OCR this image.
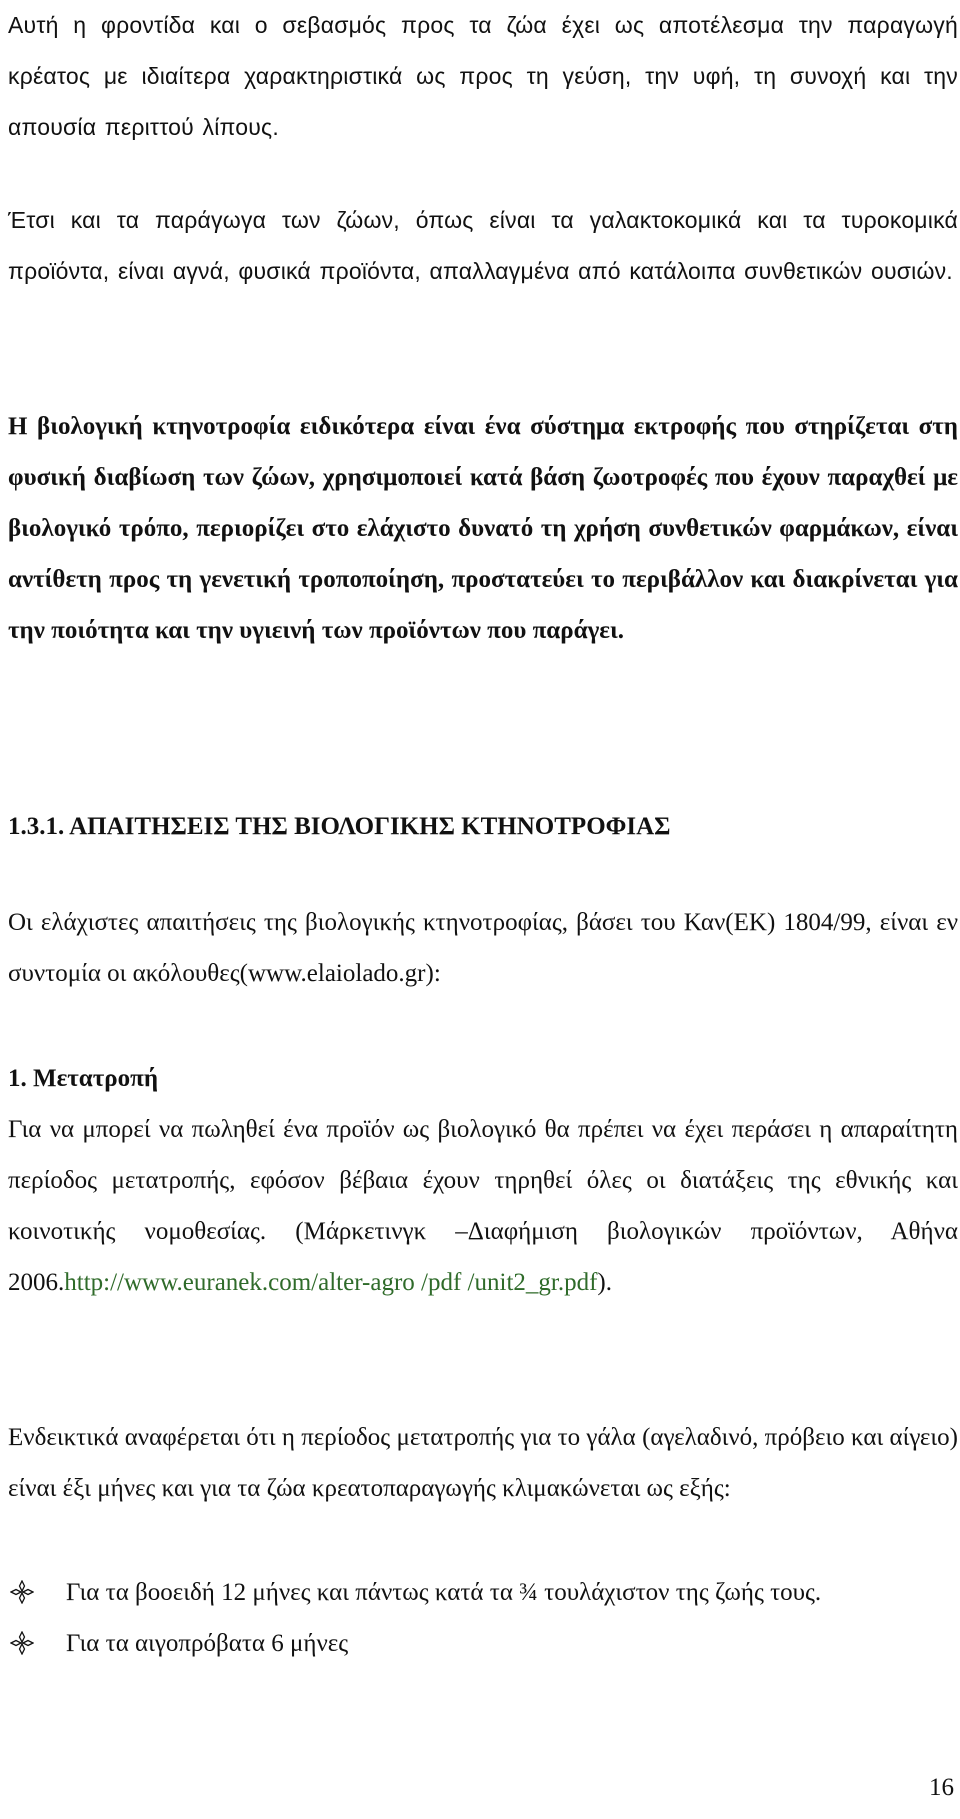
Αυτή η φροντίδα και ο σεβασμός προς τα ζώα έχει ως αποτέλεσμα την παραγωγή κρέατος με ιδιαίτερα χαρακτηριστικά ως προς τη γεύση, την υφή, τη συνοχή και την απουσία περιττού λίπους.

Έτσι και τα παράγωγα των ζώων, όπως είναι τα γαλακτοκομικά και τα τυροκομικά προϊόντα, είναι αγνά, φυσικά προϊόντα, απαλλαγμένα από κατάλοιπα συνθετικών ουσιών.

Η βιολογική κτηνοτροφία ειδικότερα είναι ένα σύστημα εκτροφής που στηρίζεται στη φυσική διαβίωση των ζώων, χρησιμοποιεί κατά βάση ζωοτροφές που έχουν παραχθεί με βιολογικό τρόπο, περιορίζει στο ελάχιστο δυνατό τη χρήση συνθετικών φαρμάκων, είναι αντίθετη προς τη γενετική τροποποίηση, προστατεύει το περιβάλλον και διακρίνεται για την ποιότητα και την υγιεινή των προϊόντων που παράγει.

1.3.1. ΑΠΑΙΤΗΣΕΙΣ ΤΗΣ ΒΙΟΛΟΓΙΚΗΣ ΚΤΗΝΟΤΡΟΦΙΑΣ

Οι ελάχιστες απαιτήσεις της βιολογικής κτηνοτροφίας, βάσει του Καν(ΕΚ) 1804/99, είναι εν συντομία οι ακόλουθες(www.elaiolado.gr):

1. Μετατροπή

Για να μπορεί να πωληθεί ένα προϊόν ως βιολογικό θα πρέπει να έχει περάσει η απαραίτητη περίοδος μετατροπής, εφόσον βέβαια έχουν τηρηθεί όλες οι διατάξεις της εθνικής και κοινοτικής νομοθεσίας. (Μάρκετινγκ –Διαφήμιση βιολογικών προϊόντων, Αθήνα 2006.http://www.euranek.com/alter-agro /pdf /unit2_gr.pdf).

Ενδεικτικά αναφέρεται ότι η περίοδος μετατροπής για το γάλα (αγελαδινό, πρόβειο και αίγειο) είναι έξι μήνες και για τα ζώα κρεατοπαραγωγής κλιμακώνεται ως εξής:

Για τα βοοειδή 12 μήνες και πάντως κατά τα ¾ τουλάχιστον της ζωής τους.
Για τα αιγοπρόβατα 6 μήνες

16
